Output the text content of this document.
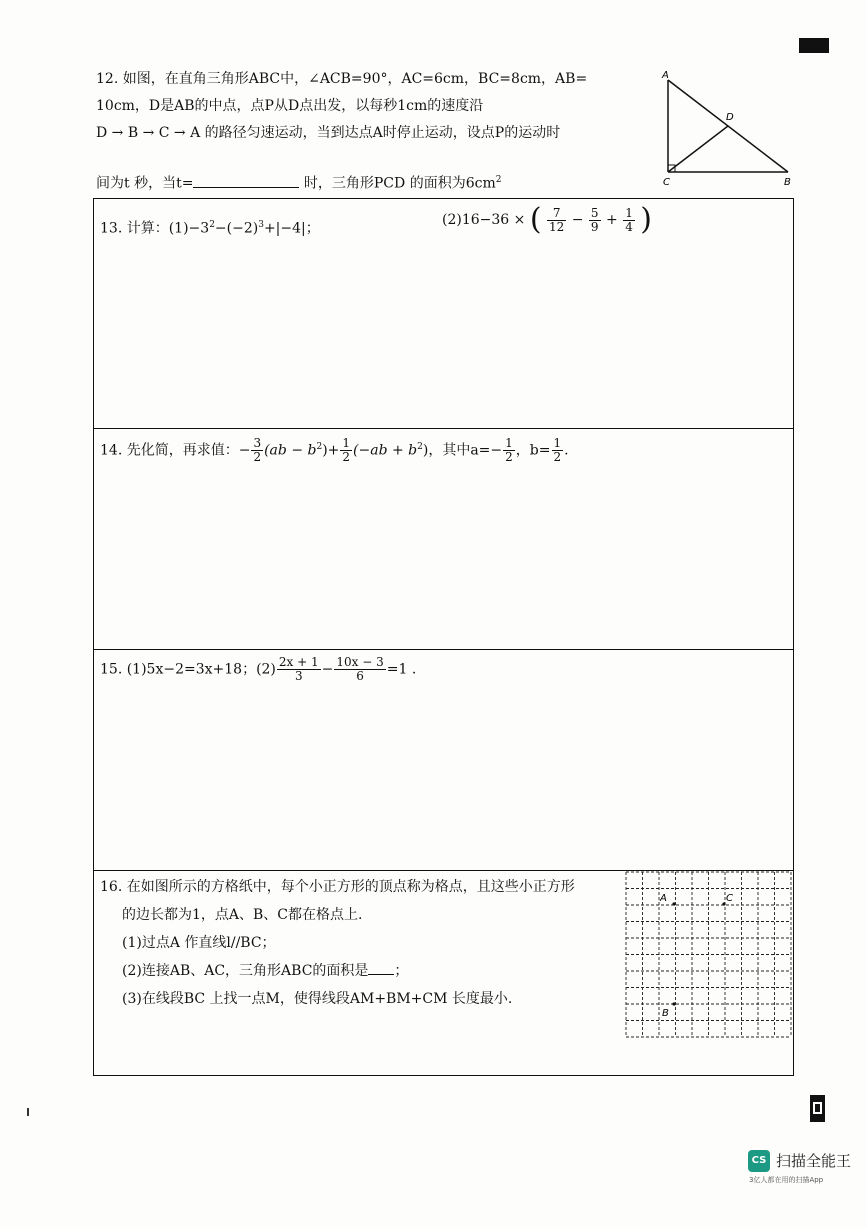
12. 如图，在直角三角形ABC中，∠ACB=90°，AC=6cm，BC=8cm，AB=

10cm，D是AB的中点，点P从D点出发，以每秒1cm的速度沿

D → B → C → A 的路径匀速运动，当到达点A时停止运动，设点P的运动时

间为t 秒，当t=	时，三角形PCD 的面积为$6cm^2$

A
D
C	B
13. 计算：$(1)-3^2-(-2)^3+|-4|$；
(2)16−36 × ( $\frac{7}{12} - \frac{5}{9} + \frac{1}{4}$ )
14. 先化简，再求值：− $\frac{3}{2} (ab - b^2)+ \frac{1}{2} (-ab + b^2)$，其中$a=- \frac{1}{2}$ ，$b= \frac{1}{2}$ .
15. (1)5x−2=3x+18；$(2) \frac{2x + 1}{3} - \frac{10x - 3}{6} =1$ .

16. 在如图所示的方格纸中，每个小正方形的顶点称为格点，且这些小正方形

的边长都为1，点A、B、C都在格点上.

(1)过点A 作直线l//BC；

(2)连接AB、AC，三角形ABC的面积是 ；

(3)在线段BC 上找一点M，使得线段AM+BM+CM 长度最小.

A	C
B
CS 扫描全能王
3亿人都在用的扫描App
